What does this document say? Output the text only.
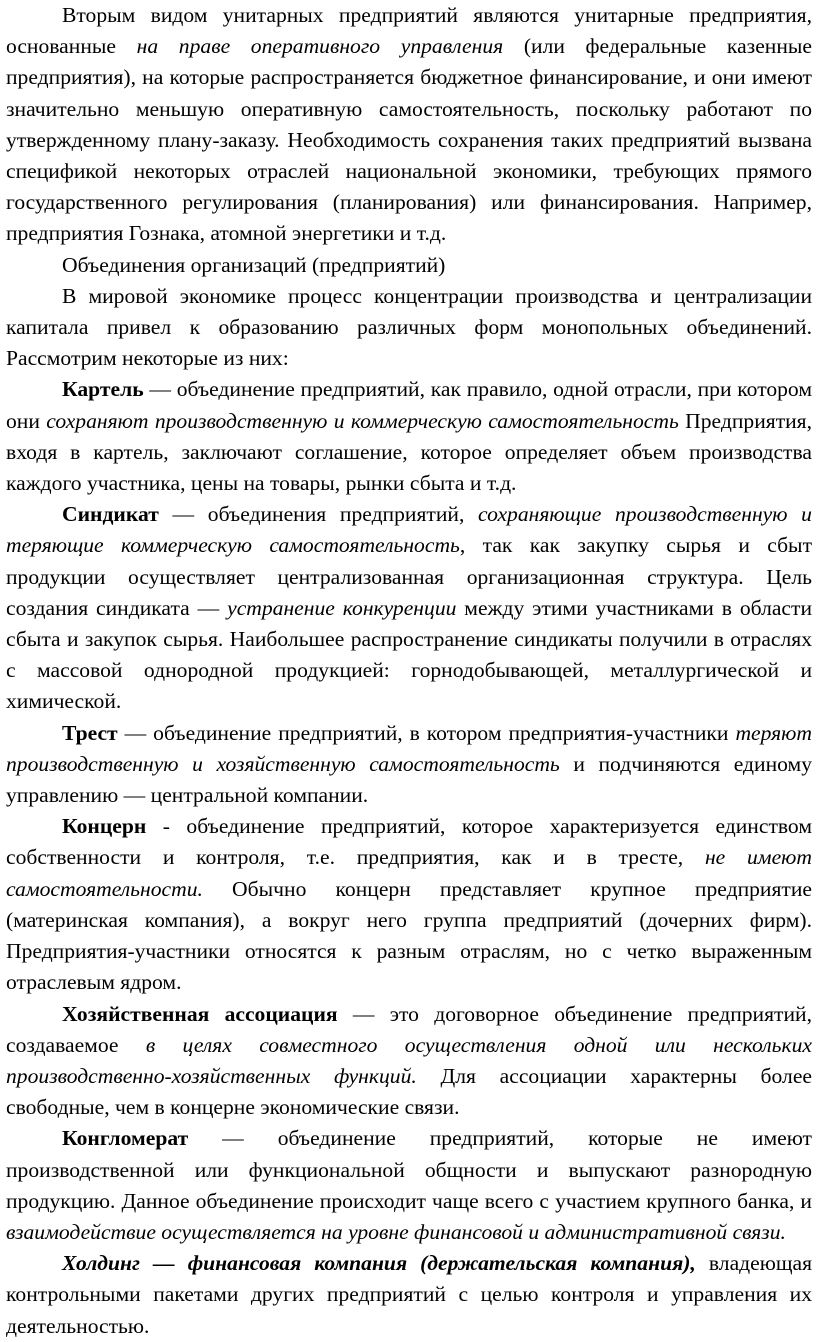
Вторым видом унитарных предприятий являются унитарные предприятия, основанные на праве оперативного управления (или федеральные казенные предприятия), на которые распространяется бюджетное финансирование, и они имеют значительно меньшую оперативную самостоятельность, поскольку работают по утвержденному плану-заказу. Необходимость сохранения таких предприятий вызвана спецификой некоторых отраслей национальной экономики, требующих прямого государственного регулирования (планирования) или финансирования. Например, предприятия Гознака, атомной энергетики и т.д.

Объединения организаций (предприятий)

В мировой экономике процесс концентрации производства и централизации капитала привел к образованию различных форм монопольных объединений. Рассмотрим некоторые из них:

Картель — объединение предприятий, как правило, одной отрасли, при котором они сохраняют производственную и коммерческую самостоятельность Предприятия, входя в картель, заключают соглашение, которое определяет объем производства каждого участника, цены на товары, рынки сбыта и т.д.

Синдикат — объединения предприятий, сохраняющие производственную и теряющие коммерческую самостоятельность, так как закупку сырья и сбыт продукции осуществляет централизованная организационная структура. Цель создания синдиката — устранение конкуренции между этими участниками в области сбыта и закупок сырья. Наибольшее распространение синдикаты получили в отраслях с массовой однородной продукцией: горнодобывающей, металлургической и химической.

Трест — объединение предприятий, в котором предприятия-участники теряют производственную и хозяйственную самостоятельность и подчиняются единому управлению — центральной компании.

Концерн - объединение предприятий, которое характеризуется единством собственности и контроля, т.е. предприятия, как и в тресте, не имеют самостоятельности. Обычно концерн представляет крупное предприятие (материнская компания), а вокруг него группа предприятий (дочерних фирм). Предприятия-участники относятся к разным отраслям, но с четко выраженным отраслевым ядром.

Хозяйственная ассоциация — это договорное объединение предприятий, создаваемое в целях совместного осуществления одной или нескольких производственно-хозяйственных функций. Для ассоциации характерны более свободные, чем в концерне экономические связи.

Конгломерат — объединение предприятий, которые не имеют производственной или функциональной общности и выпускают разнородную продукцию. Данное объединение происходит чаще всего с участием крупного банка, и взаимодействие осуществляется на уровне финансовой и административной связи.

Холдинг — финансовая компания (держательская компания), владеющая контрольными пакетами других предприятий с целью контроля и управления их деятельностью.
